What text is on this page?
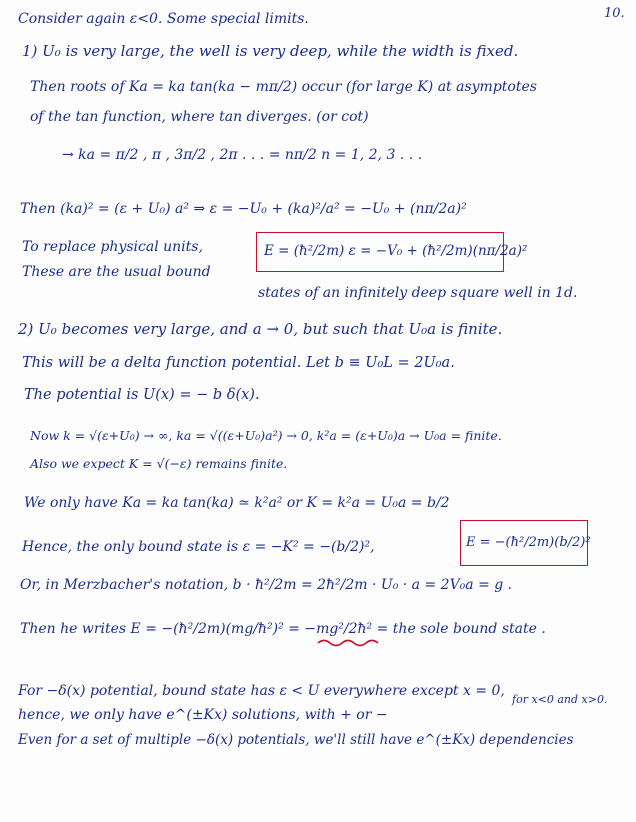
10.
Consider again ε<0. Some special limits.
1) U₀ is very large, the well is very deep, while the width is fixed.
Then roots of Ka = ka tan(ka − mπ/2) occur (for large K) at asymptotes
of the tan function, where tan diverges. (or cot)
→ ka = π/2 , π , 3π/2 , 2π . . . = nπ/2 n = 1, 2, 3 . . .
Then (ka)² = (ε + U₀) a² ⇒ ε = −U₀ + (ka)²/a² = −U₀ + (nπ/2a)²
To replace physical units,
These are the usual bound
E = (ħ²/2m) ε = −V₀ + (ħ²/2m)(nπ/2a)²
states of an infinitely deep square well in 1d.
2) U₀ becomes very large, and a → 0, but such that U₀a is finite.
This will be a delta function potential. Let b ≡ U₀L = 2U₀a.
The potential is U(x) = − b δ(x).
Now k = √(ε+U₀) → ∞, ka = √((ε+U₀)a²) → 0, k²a = (ε+U₀)a → U₀a = finite.
Also we expect K = √(−ε) remains finite.
We only have Ka = ka tan(ka) ≃ k²a² or K = k²a = U₀a = b/2
Hence, the only bound state is ε = −K² = −(b/2)²,	E = −(ħ²/2m)(b/2)²
Or, in Merzbacher's notation, b · ħ²/2m = 2ħ²/2m · U₀ · a = 2V₀a = g .
Then he writes E = −(ħ²/2m)(mg/ħ²)² = −mg²/2ħ² = the sole bound state .
For −δ(x) potential, bound state has ε < U everywhere except x = 0,
hence, we only have e^(±Kx) solutions, with + or −
for x<0 and x>0.
Even for a set of multiple −δ(x) potentials, we'll still have e^(±Kx) dependencies
